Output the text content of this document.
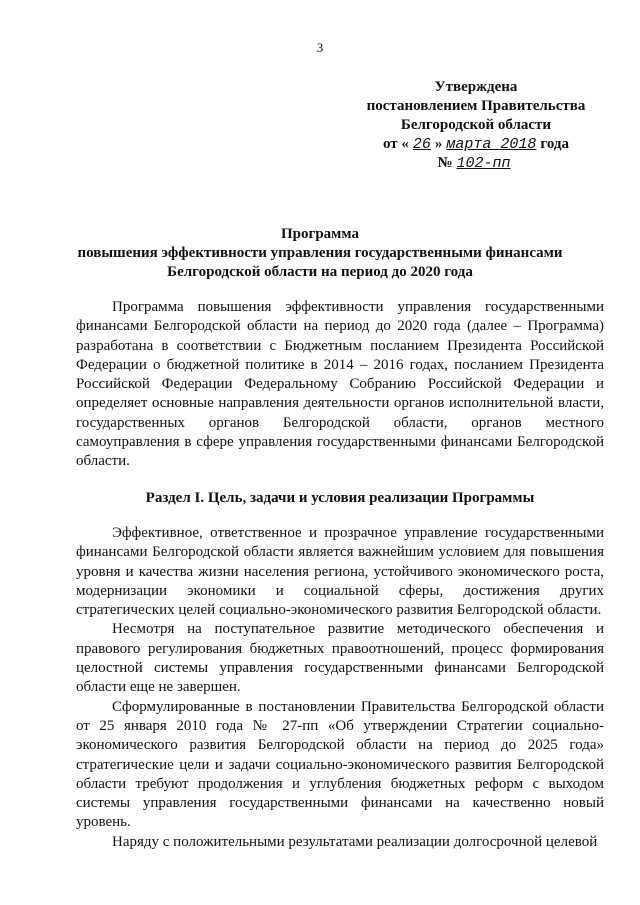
3
Утверждена
постановлением Правительства
Белгородской области
от « 26 » марта 2018 года
№ 102-пп
Программа
повышения эффективности управления государственными финансами
Белгородской области на период до 2020 года

Программа повышения эффективности управления государственными финансами Белгородской области на период до 2020 года (далее – Программа) разработана в соответствии с Бюджетным посланием Президента Российской Федерации о бюджетной политике в 2014 – 2016 годах, посланием Президента Российской Федерации Федеральному Собранию Российской Федерации и определяет основные направления деятельности органов исполнительной власти, государственных органов Белгородской области, органов местного самоуправления в сфере управления государственными финансами Белгородской области.

Раздел I. Цель, задачи и условия реализации Программы

Эффективное, ответственное и прозрачное управление государственными финансами Белгородской области является важнейшим условием для повышения уровня и качества жизни населения региона, устойчивого экономического роста, модернизации экономики и социальной сферы, достижения других стратегических целей социально-экономического развития Белгородской области.

Несмотря на поступательное развитие методического обеспечения и правового регулирования бюджетных правоотношений, процесс формирования целостной системы управления государственными финансами Белгородской области еще не завершен.

Сформулированные в постановлении Правительства Белгородской области от 25 января 2010 года № 27-пп «Об утверждении Стратегии социально-экономического развития Белгородской области на период до 2025 года» стратегические цели и задачи социально-экономического развития Белгородской области требуют продолжения и углубления бюджетных реформ с выходом системы управления государственными финансами на качественно новый уровень.

Наряду с положительными результатами реализации долгосрочной целевой
